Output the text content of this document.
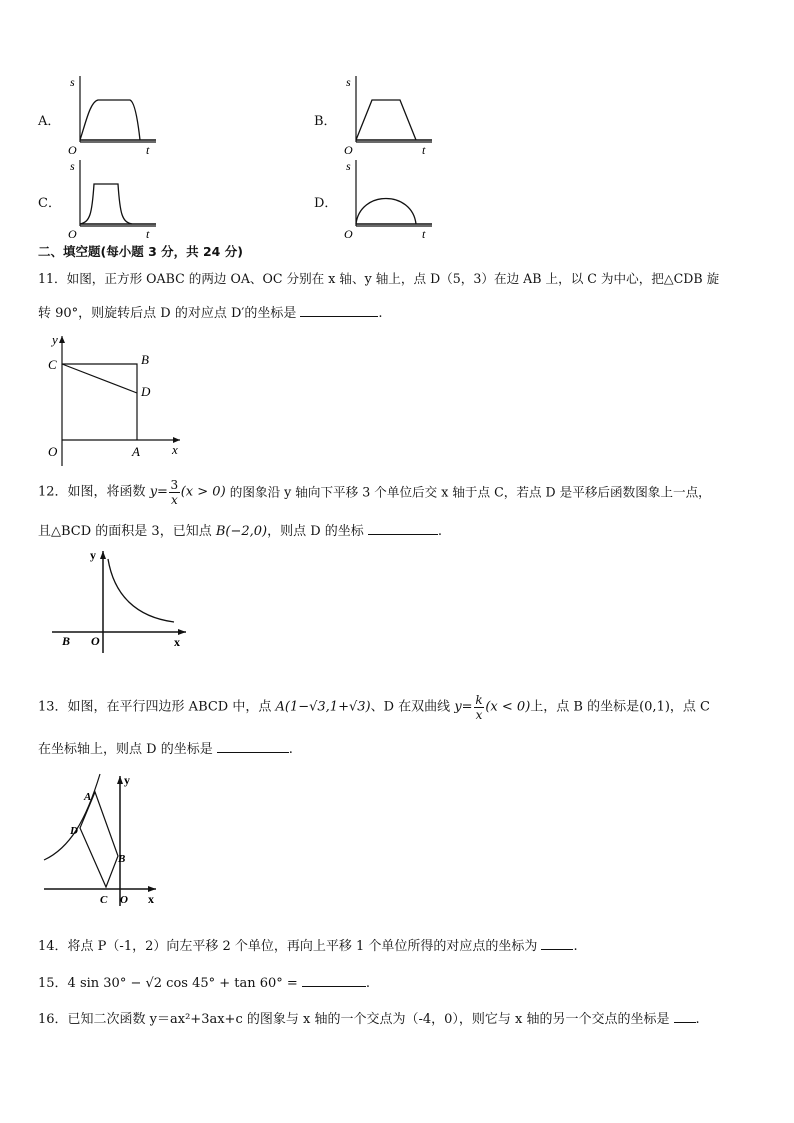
A．
s
O	t
B．
s
O	t
C．
s
O	t
D．
s
O	t
二、填空题(每小题 3 分，共 24 分)
11．如图，正方形 OABC 的两边 OA、OC 分别在 x 轴、y 轴上，点 D（5，3）在边 AB 上，以 C 为中心，把△CDB 旋
转 90°，则旋转后点 D 的对应点 D′的坐标是	.
y
x
C	B
D
O	A
12．如图，将函数 $y= \frac{3}{x} (x > 0)$ 的图象沿 y 轴向下平移 3 个单位后交 x 轴于点 C，若点 D 是平移后函数图象上一点，
且△BCD 的面积是 3，已知点 B(−2,0)，则点 D 的坐标	.
y
x
B O
13．如图，在平行四边形 ABCD 中，点 A(1−√3,1+√3)、D 在双曲线 $y= \frac{k}{x} (x < 0)$上，点 B 的坐标是(0,1)，点 C
在坐标轴上，则点 D 的坐标是	.
y
x
A
D
B
C O
14．将点 P（-1，2）向左平移 2 个单位，再向上平移 1 个单位所得的对应点的坐标为	.
15．4 sin 30° − √2 cos 45° + tan 60° =	.
16．已知二次函数 y＝ax²+3ax+c 的图象与 x 轴的一个交点为（-4，0），则它与 x 轴的另一个交点的坐标是 .
